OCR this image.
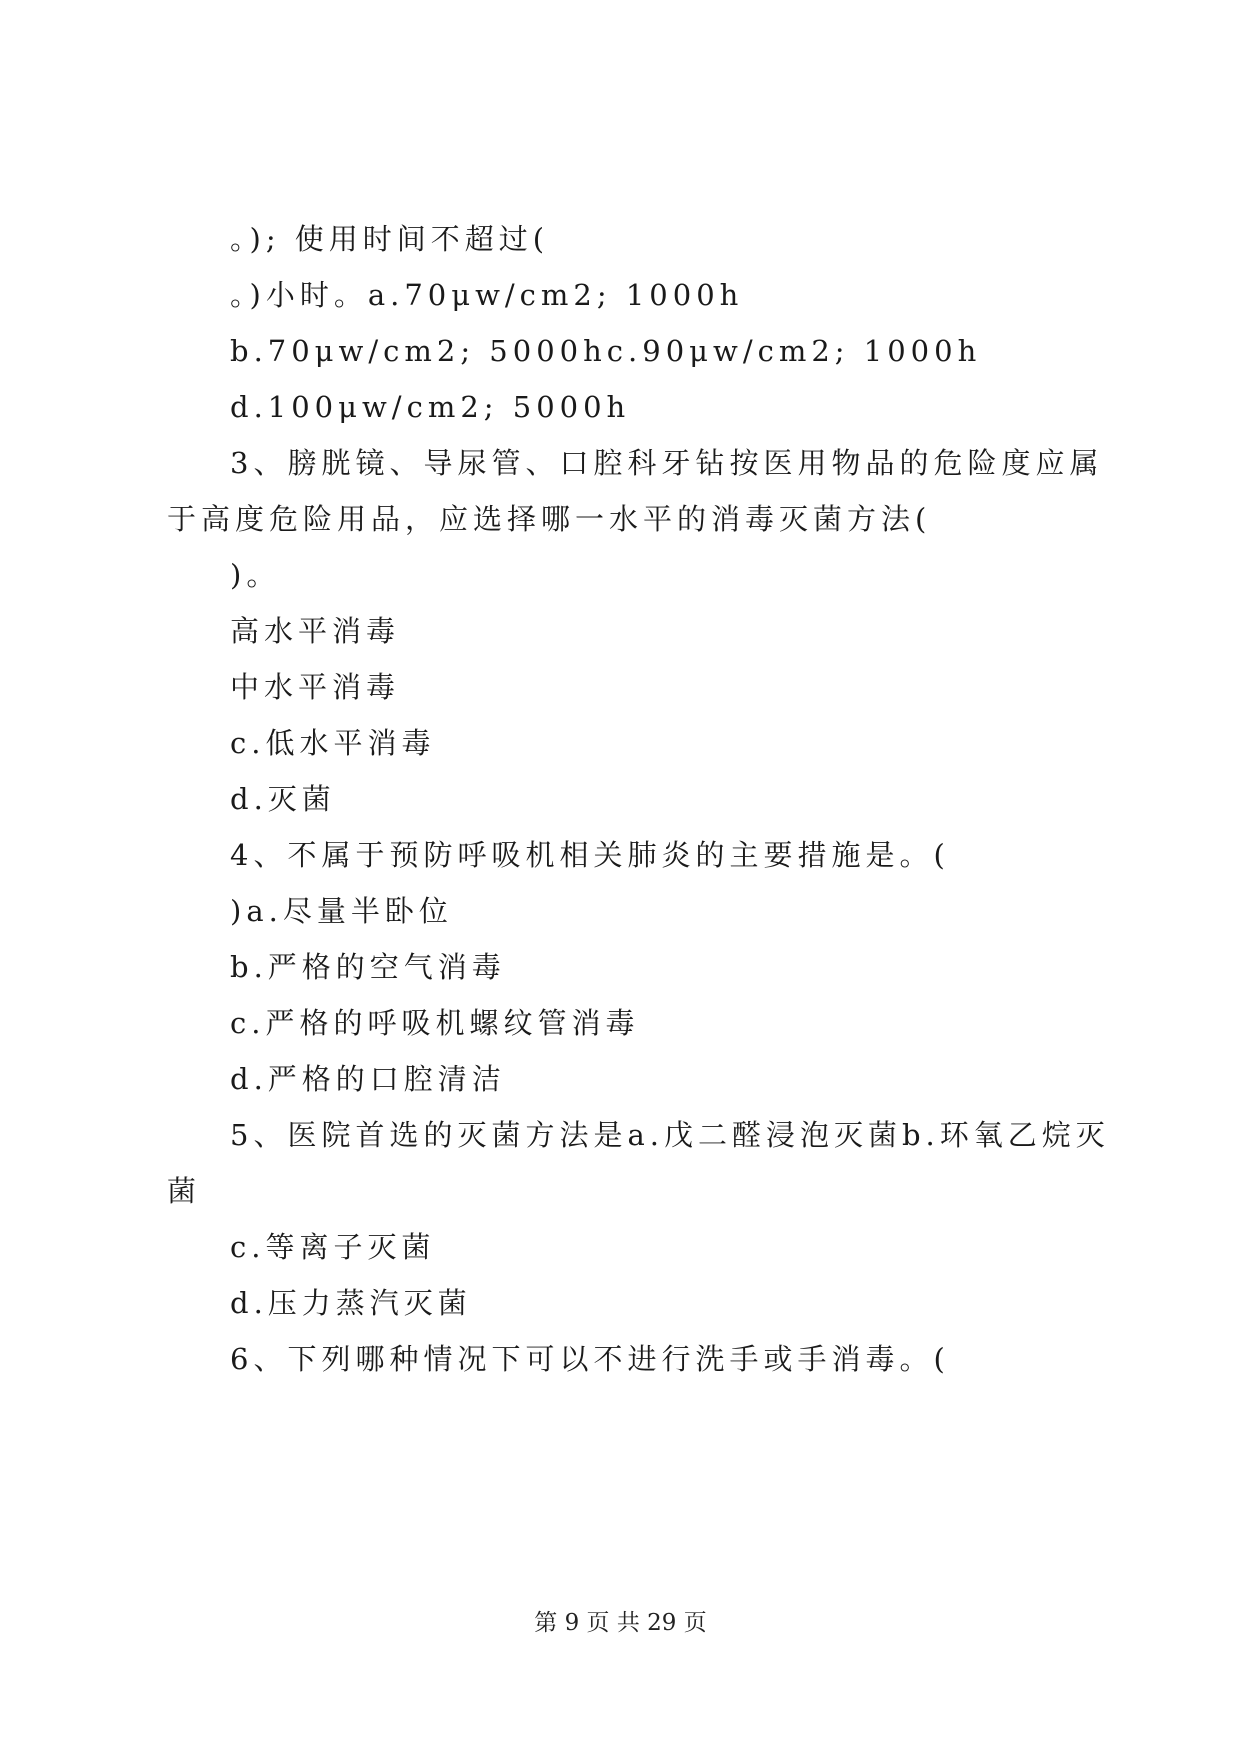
。); 使用时间不超过(
。)小时。a.70μw/cm2; 1000h
b.70μw/cm2; 5000hc.90μw/cm2; 1000h
d.100μw/cm2; 5000h
3、膀胱镜、导尿管、口腔科牙钻按医用物品的危险度应属
于高度危险用品，应选择哪一水平的消毒灭菌方法(
)。
高水平消毒
中水平消毒
c.低水平消毒
d.灭菌
4、不属于预防呼吸机相关肺炎的主要措施是。(
)a.尽量半卧位
b.严格的空气消毒
c.严格的呼吸机螺纹管消毒
d.严格的口腔清洁
5、医院首选的灭菌方法是a.戊二醛浸泡灭菌b.环氧乙烷灭
菌
c.等离子灭菌
d.压力蒸汽灭菌
6、下列哪种情况下可以不进行洗手或手消毒。(
第 9 页 共 29 页
